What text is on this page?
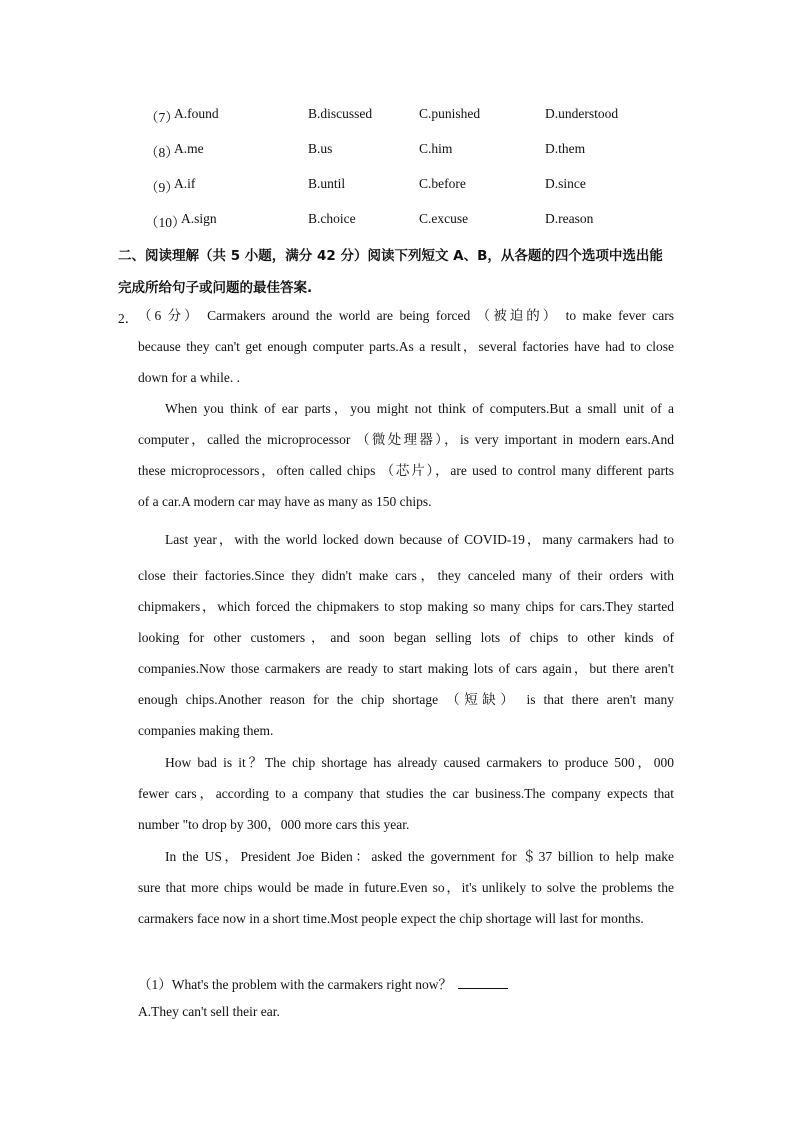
（7）
A.found	B.discussed	C.punished	D.understood
（8）
A.me	B.us	C.him	D.them
（9）
A.if	B.until	C.before	D.since
（10）
A.sign	B.choice	C.excuse	D.reason
二、阅读理解（共 5 小题，满分 42 分）阅读下列短文 A、B，从各题的四个选项中选出能
完成所给句子或问题的最佳答案.
2． （6 分） Carmakers around the world are being forced （被迫的） to make fever cars
because they can't get enough computer parts.As a result，several factories have had to close
down for a while. .
When you think of ear parts，you might not think of computers.But a small unit of a
computer，called the microprocessor （微处理器），is very important in modern ears.And
these microprocessors，often called chips （芯片），are used to control many different parts
of a car.A modern car may have as many as 150 chips.
Last year，with the world locked down because of COVID-19，many carmakers had to
close their factories.Since they didn't make cars，they canceled many of their orders with
chipmakers，which forced the chipmakers to stop making so many chips for cars.They started
looking for other customers，and soon began selling lots of chips to other kinds of
companies.Now those carmakers are ready to start making lots of cars again，but there aren't
enough chips.Another reason for the chip shortage （短缺） is that there aren't many
companies making them.
How bad is it？The chip shortage has already caused carmakers to produce 500，000
fewer cars，according to a company that studies the car business.The company expects that
number "to drop by 300，000 more cars this year.
In the US，President Joe Biden：asked the government for ＄37 billion to help make
sure that more chips would be made in future.Even so，it's unlikely to solve the problems the
carmakers face now in a short time.Most people expect the chip shortage will last for months.
（1）What's the problem with the carmakers right now？
A.They can't sell their ear.
